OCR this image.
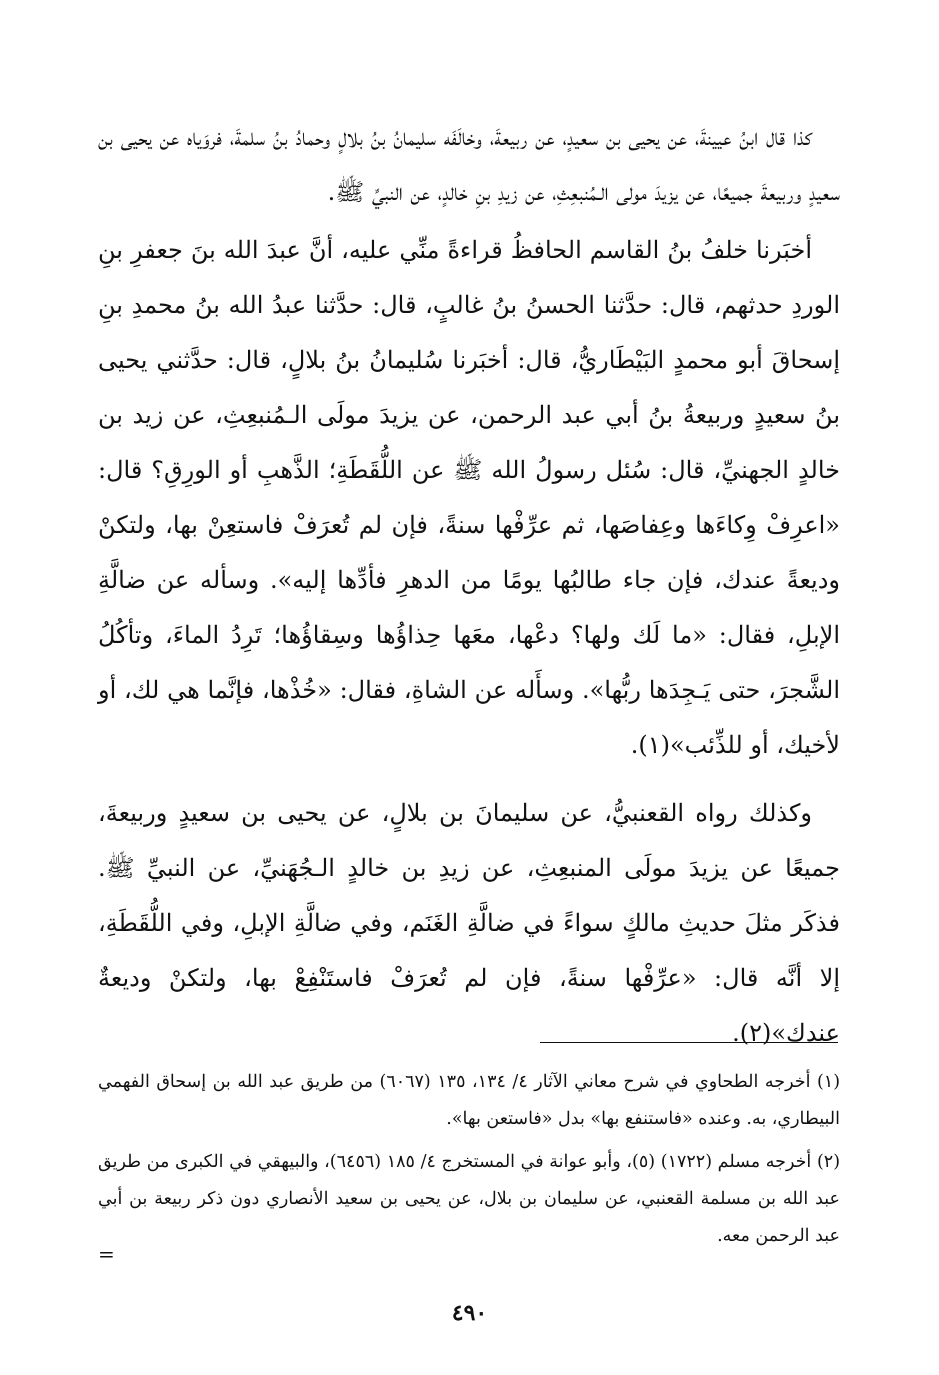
كذا قال ابنُ عيينةَ، عن يحيى بن سعيدٍ، عن ربيعةَ، وخالَفَه سليمانُ بنُ بلالٍ وحمادُ بنُ سلمةَ، فروَياه عن يحيى بن سعيدٍ وربيعةَ جميعًا، عن يزيدَ مولى الـمُنبعِثِ، عن زيدِ بنِ خالدٍ، عن النبيِّ ﷺ.

أخبَرنا خلفُ بنُ القاسم الحافظُ قراءةً منِّي عليه، أنَّ عبدَ الله بنَ جعفرِ بنِ الوردِ حدثهم، قال: حدَّثنا الحسنُ بنُ غالبٍ، قال: حدَّثنا عبدُ الله بنُ محمدِ بنِ إسحاقَ أبو محمدٍ البَيْطَاريُّ، قال: أخبَرنا سُليمانُ بنُ بلالٍ، قال: حدَّثني يحيى بنُ سعيدٍ وربيعةُ بنُ أبي عبد الرحمن، عن يزيدَ مولَى الـمُنبعِثِ، عن زيد بن خالدٍ الجهنيِّ، قال: سُئل رسولُ الله ﷺ عن اللُّقَطَةِ؛ الذَّهبِ أو الورِقِ؟ قال: «اعرِفْ وِكاءَها وعِفاصَها، ثم عرِّفْها سنةً، فإن لم تُعرَفْ فاستعِنْ بها، ولتكنْ وديعةً عندك، فإن جاء طالبُها يومًا من الدهرِ فأدِّها إليه». وسأله عن ضالَّةِ الإبلِ، فقال: «ما لَك ولها؟ دعْها، معَها حِذاؤُها وسِقاؤُها؛ تَرِدُ الماءَ، وتأكُلُ الشَّجرَ، حتى يَـجِدَها ربُّها». وسأَله عن الشاةِ، فقال: «خُذْها، فإنَّما هي لك، أو لأخيك، أو للذِّئب»(١).

وكذلك رواه القعنبيُّ، عن سليمانَ بن بلالٍ، عن يحيى بن سعيدٍ وربيعةَ، جميعًا عن يزيدَ مولَى المنبعِثِ، عن زيدِ بن خالدٍ الـجُهَنيِّ، عن النبيِّ ﷺ. فذكَر مثلَ حديثِ مالكٍ سواءً في ضالَّةِ الغَنَم، وفي ضالَّةِ الإبلِ، وفي اللُّقَطَةِ، إلا أنَّه قال: «عرِّفْها سنةً، فإن لم تُعرَفْ فاستَنْفِعْ بها، ولتكنْ وديعةٌ عندك»(٢).

(١) أخرجه الطحاوي في شرح معاني الآثار ٤/ ١٣٤، ١٣٥ (٦٠٦٧) من طريق عبد الله بن إسحاق الفهمي البيطاري، به. وعنده «فاستنفع بها» بدل «فاستعن بها».

(٢) أخرجه مسلم (١٧٢٢) (٥)، وأبو عوانة في المستخرج ٤/ ١٨٥ (٦٤٥٦)، والبيهقي في الكبرى من طريق عبد الله بن مسلمة القعنبي، عن سليمان بن بلال، عن يحيى بن سعيد الأنصاري دون ذكر ربيعة بن أبي عبد الرحمن معه.

=
٤٩٠
